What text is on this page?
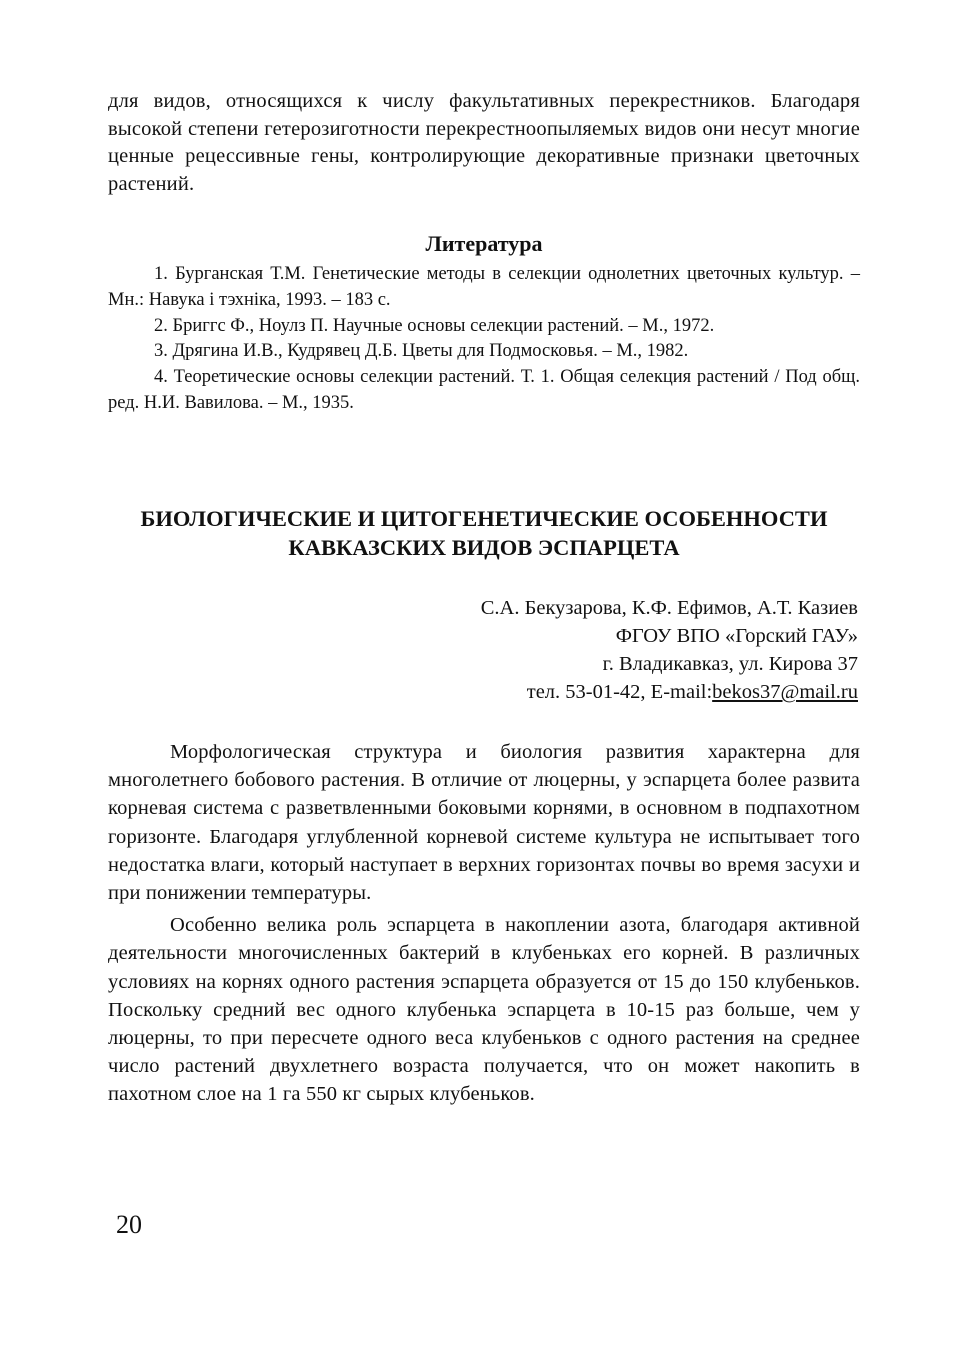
для видов, относящихся к числу факультативных перекрестников. Благодаря высокой степени гетерозиготности перекрестноопыляемых видов они несут многие ценные рецессивные гены, контролирующие декоративные признаки цветочных растений.

Литература
1. Бурганская Т.М. Генетические методы в селекции однолетних цветочных культур. – Мн.: Навука і тэхніка, 1993. – 183 с.
2. Бриггс Ф., Ноулз П. Научные основы селекции растений. – М., 1972.
3. Дрягина И.В., Кудрявец Д.Б. Цветы для Подмосковья. – М., 1982.
4. Теоретические основы селекции растений. Т. 1. Общая селекция растений / Под общ. ред. Н.И. Вавилова. – М., 1935.
БИОЛОГИЧЕСКИЕ И ЦИТОГЕНЕТИЧЕСКИЕ ОСОБЕННОСТИ
КАВКАЗСКИХ ВИДОВ ЭСПАРЦЕТА
С.А. Бекузарова, К.Ф. Ефимов, А.Т. Казиев
ФГОУ ВПО «Горский ГАУ»
г. Владикавказ, ул. Кирова 37
тел. 53-01-42, E-mail:bekos37@mail.ru

Морфологическая структура и биология развития характерна для многолетнего бобового растения. В отличие от люцерны, у эспарцета более развита корневая система с разветвленными боковыми корнями, в основном в подпахотном горизонте. Благодаря углубленной корневой системе культура не испытывает того недостатка влаги, который наступает в верхних горизонтах почвы во время засухи и при понижении температуры.

Особенно велика роль эспарцета в накоплении азота, благодаря активной деятельности многочисленных бактерий в клубеньках его корней. В различных условиях на корнях одного растения эспарцета образуется от 15 до 150 клубеньков. Поскольку средний вес одного клубенька эспарцета в 10-15 раз больше, чем у люцерны, то при пересчете одного веса клубеньков с одного растения на среднее число растений двухлетнего возраста получается, что он может накопить в пахотном слое на 1 га 550 кг сырых клубеньков.

20
